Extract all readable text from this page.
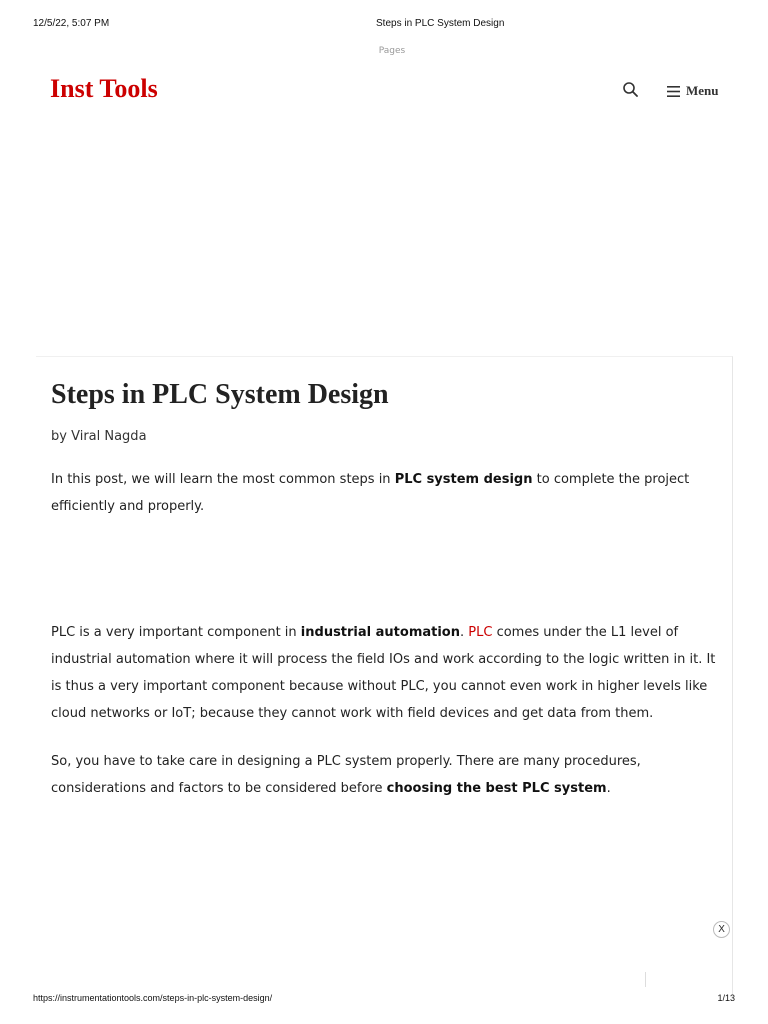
12/5/22, 5:07 PM	Steps in PLC System Design
Pages
Inst Tools	Menu
Steps in PLC System Design
by Viral Nagda

In this post, we will learn the most common steps in PLC system design to complete the project efficiently and properly.

PLC is a very important component in industrial automation. PLC comes under the L1 level of industrial automation where it will process the field IOs and work according to the logic written in it. It is thus a very important component because without PLC, you cannot even work in higher levels like cloud networks or IoT; because they cannot work with field devices and get data from them.

So, you have to take care in designing a PLC system properly. There are many procedures, considerations and factors to be considered before choosing the best PLC system.

X
https://instrumentationtools.com/steps-in-plc-system-design/	1/13
